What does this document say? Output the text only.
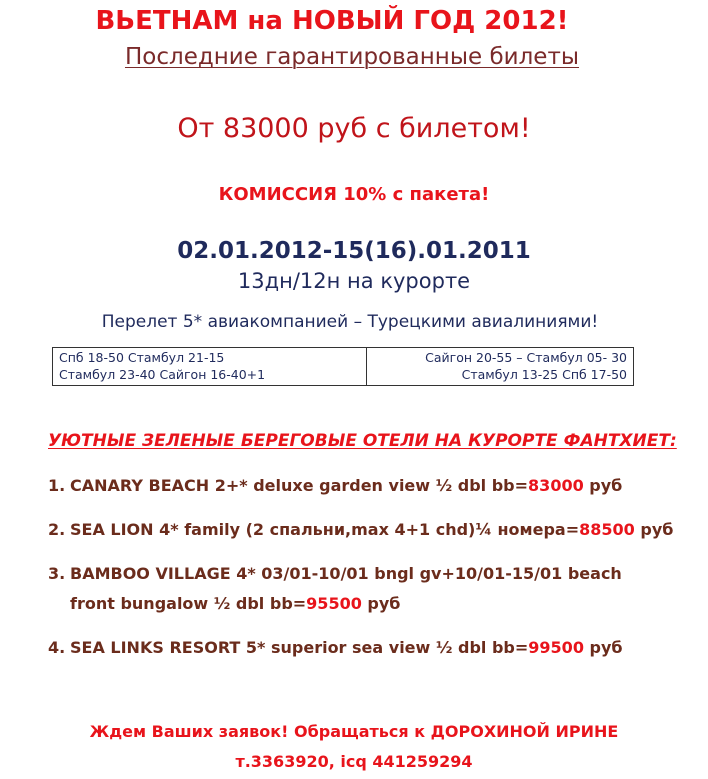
ВЬЕТНАМ на НОВЫЙ ГОД 2012!
Последние гарантированные билеты
От 83000 руб с билетом!
КОМИССИЯ 10% с пакета!
02.01.2012-15(16).01.2011
13дн/12н на курорте
Перелет 5* авиакомпанией – Турецкими авиалиниями!
Спб 18-50 Стамбул 21-15
Стамбул 23-40 Сайгон 16-40+1
Сайгон 20-55 – Стамбул 05- 30
Стамбул 13-25 Спб 17-50
УЮТНЫЕ ЗЕЛЕНЫЕ БЕРЕГОВЫЕ ОТЕЛИ НА КУРОРТЕ ФАНТХИЕТ:
1. CANARY BEACH 2+* deluxe garden view ½ dbl bb=83000 руб
2. SEA LION 4* family (2 спальни,max 4+1 chd)¼ номера=88500 руб
3. BAMBOO VILLAGE 4* 03/01-10/01 bngl gv+10/01-15/01 beach
front bungalow ½ dbl bb=95500 руб
4. SEA LINKS RESORT 5* superior sea view ½ dbl bb=99500 руб
Ждем Ваших заявок! Обращаться к ДОРОХИНОЙ ИРИНЕ
т.3363920, icq 441259294
